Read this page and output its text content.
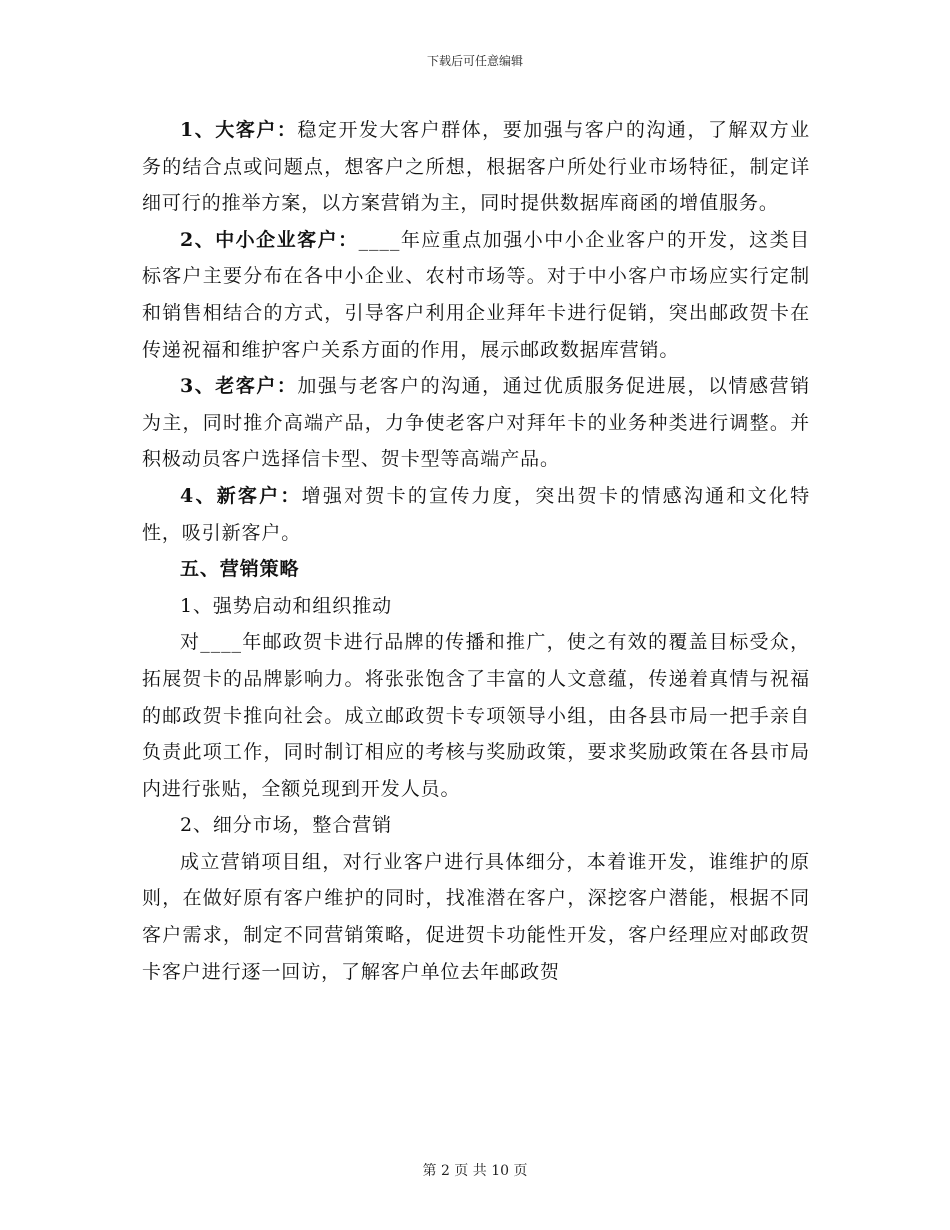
下载后可任意编辑

1、大客户：稳定开发大客户群体，要加强与客户的沟通，了解双方业务的结合点或问题点，想客户之所想，根据客户所处行业市场特征，制定详细可行的推举方案，以方案营销为主，同时提供数据库商函的增值服务。

2、中小企业客户：____年应重点加强小中小企业客户的开发，这类目标客户主要分布在各中小企业、农村市场等。对于中小客户市场应实行定制和销售相结合的方式，引导客户利用企业拜年卡进行促销，突出邮政贺卡在传递祝福和维护客户关系方面的作用，展示邮政数据库营销。

3、老客户：加强与老客户的沟通，通过优质服务促进展，以情感营销为主，同时推介高端产品，力争使老客户对拜年卡的业务种类进行调整。并积极动员客户选择信卡型、贺卡型等高端产品。

4、新客户：增强对贺卡的宣传力度，突出贺卡的情感沟通和文化特性，吸引新客户。

五、营销策略

1、强势启动和组织推动

对____年邮政贺卡进行品牌的传播和推广，使之有效的覆盖目标受众，拓展贺卡的品牌影响力。将张张饱含了丰富的人文意蕴，传递着真情与祝福的邮政贺卡推向社会。成立邮政贺卡专项领导小组，由各县市局一把手亲自负责此项工作，同时制订相应的考核与奖励政策，要求奖励政策在各县市局内进行张贴，全额兑现到开发人员。

2、细分市场，整合营销

成立营销项目组，对行业客户进行具体细分，本着谁开发，谁维护的原则，在做好原有客户维护的同时，找准潜在客户，深挖客户潜能，根据不同客户需求，制定不同营销策略，促进贺卡功能性开发，客户经理应对邮政贺卡客户进行逐一回访，了解客户单位去年邮政贺

第 2 页 共 10 页
